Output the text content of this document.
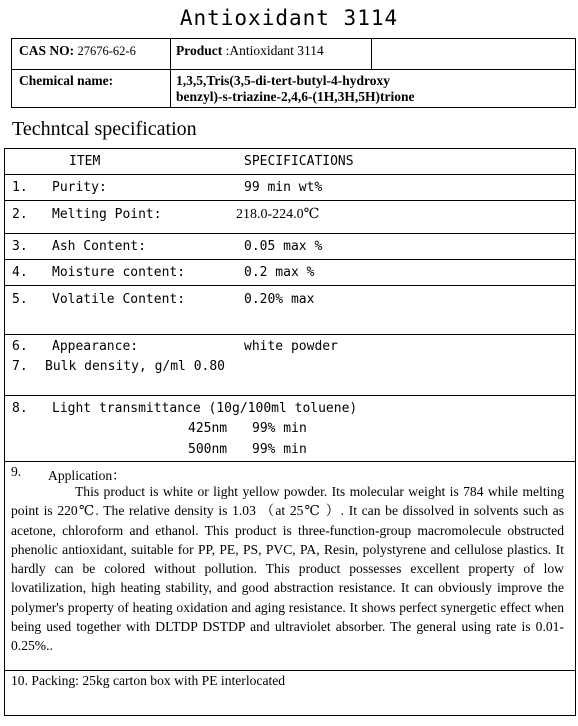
Antioxidant 3114
CAS NO: 27676-62-6	Product :Antioxidant 3114
Chemical name:	1,3,5,Tris(3,5-di-tert-butyl-4-hydroxy
benzyl)-s-triazine-2,4,6-(1H,3H,5H)trione
Techntcal specification
ITEM	SPECIFICATIONS
1. Purity:	99 min wt%
2. Melting Point:	218.0-224.0℃
3. Ash Content:	0.05 max %
4. Moisture content:	0.2 max %
5. Volatile Content:	0.20% max
6. Appearance:	white powder
7. Bulk density, g/ml 0.80
8. Light transmittance (10g/100ml toluene)
425nm 99% min
500nm 99% min
9. Application：
This product is white or light yellow powder. Its molecular weight is 784 while melting point is 220℃. The relative density is 1.03 （at 25℃ ）. It can be dissolved in solvents such as acetone, chloroform and ethanol. This product is three-function-group macromolecule obstructed phenolic antioxidant, suitable for PP, PE, PS, PVC, PA, Resin, polystyrene and cellulose plastics. It hardly can be colored without pollution. This product possesses excellent property of low lovatilization, high heating stability, and good abstraction resistance. It can obviously improve the polymer's property of heating oxidation and aging resistance. It shows perfect synergetic effect when being used together with DLTDP DSTDP and ultraviolet absorber. The general using rate is 0.01-0.25%..
10. Packing: 25kg carton box with PE interlocated
